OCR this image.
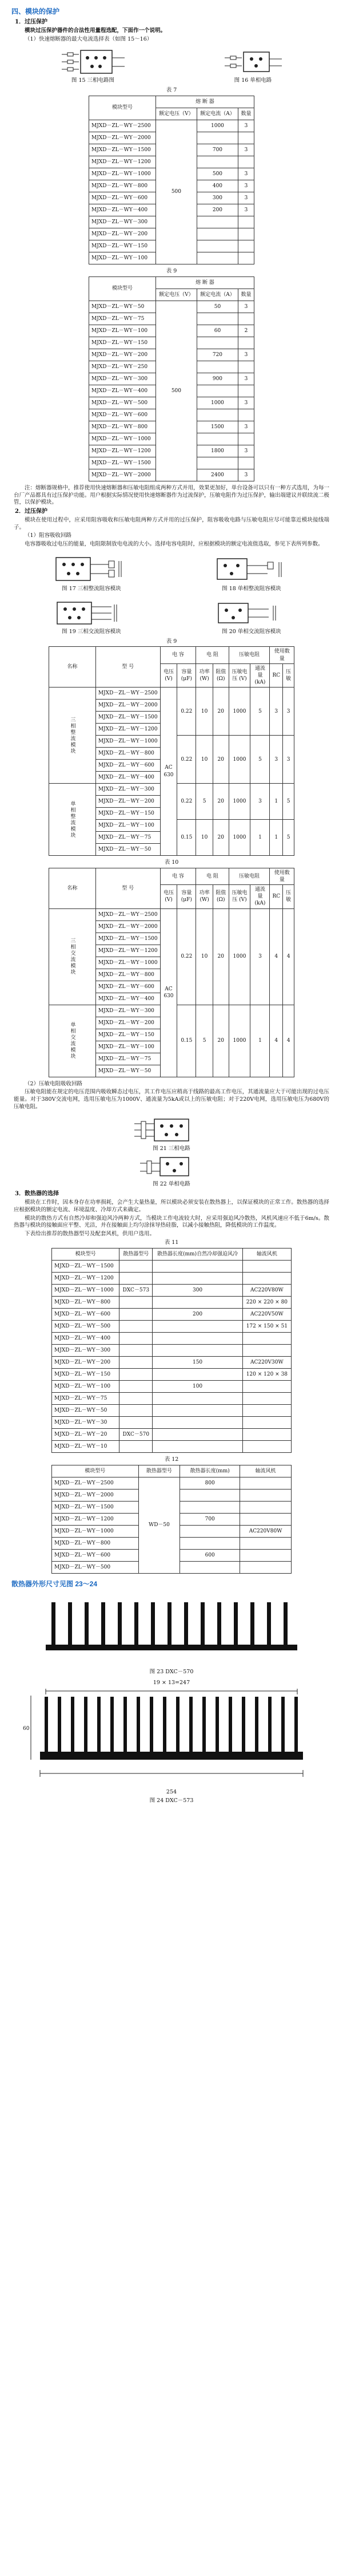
四、模块的保护
1．过压保护
模块过压保护器件的合法性用量程选配，下面作一个说明。
（1）快速熔断器的最大电流选择表（如图 15～16）
图 15 三相电路图	图 16 单相电路
表 7
模块型号	熔 断 器		
	额定电压（V）	额定电流（A）	数量
MJXD－ZL－WY－2500	500	1000	3
MJXD－ZL－WY－2000			
MJXD－ZL－WY－1500		700	3
MJXD－ZL－WY－1200			
MJXD－ZL－WY－1000		500	3
MJXD－ZL－WY－800		400	3
MJXD－ZL－WY－600		300	3
MJXD－ZL－WY－400		200	3
MJXD－ZL－WY－300			
MJXD－ZL－WY－200			
MJXD－ZL－WY－150			
MJXD－ZL－WY－100			
表 9
模块型号	熔 断 器		
	额定电压（V）	额定电流（A）	数量
MJXD－ZL－WY－50	500	50	3
MJXD－ZL－WY－75			
MJXD－ZL－WY－100		60	2
MJXD－ZL－WY－150			
MJXD－ZL－WY－200		720	3
MJXD－ZL－WY－250			
MJXD－ZL－WY－300		900	3
MJXD－ZL－WY－400			
MJXD－ZL－WY－500		1000	3
MJXD－ZL－WY－600			
MJXD－ZL－WY－800		1500	3
MJXD－ZL－WY－1000			
MJXD－ZL－WY－1200		1800	3
MJXD－ZL－WY－1500			
MJXD－ZL－WY－2000		2400	3
注：熔断器规格中，推荐使用快速熔断器和压敏电阻组成两种方式并用，效果更加好，单台设备可以只有一种方式选用，为每一台厂产品都具有过压保护功能。用户根据实际情况使用快速熔断器作为过流保护，压敏电阻作为过压保护，输出端建议并联续流二极管，以保护模块。
2．过压保护
模块在使用过程中，应采用阻容吸收和压敏电阻两种方式并用的过压保护，阻容吸收电路与压敏电阻应尽可能靠近模块接线端子。
（1）阻容吸收回路
电容器吸收过电压的能量，电阻限制放电电流的大小。选择电容电阻时，应根据模块的额定电流值选取，参见下表所列参数。
图 17 三相整流阻容模块	图 18 单相整流阻容模块
图 19 三相交流阻容模块	图 20 单相交流阻容模块
表 9
名称	型 号	电 容		电 阻		压敏电阻		使用数量	
		电压 (V)	容量 (μF)	功率 (W)	阻值 (Ω)	压敏电压 (V)	通流量 (kA)	RC	压敏
三相整流模块	MJXD－ZL－WY－2500	AC 630	0.22	10	20	1000	5	3	3
	MJXD－ZL－WY－2000								
	MJXD－ZL－WY－1500								
	MJXD－ZL－WY－1200								
	MJXD－ZL－WY－1000		0.22	10	20	1000	5	3	3
	MJXD－ZL－WY－800								
	MJXD－ZL－WY－600								
	MJXD－ZL－WY－400								
单相整流模块	MJXD－ZL－WY－300		0.22	5	20	1000	3	1	5
	MJXD－ZL－WY－200								
	MJXD－ZL－WY－150								
	MJXD－ZL－WY－100		0.15	10	20	1000	1	1	5
	MJXD－ZL－WY－75								
	MJXD－ZL－WY－50								
表 10
名称	型 号	电 容		电 阻		压敏电阻		使用数量	
		电压 (V)	容量 (μF)	功率 (W)	阻值 (Ω)	压敏电压 (V)	通流量 (kA)	RC	压敏
三相交流模块	MJXD－ZL－WY－2500	AC 630	0.22	10	20	1000	3	4	4
	MJXD－ZL－WY－2000								
	MJXD－ZL－WY－1500								
	MJXD－ZL－WY－1200								
	MJXD－ZL－WY－1000								
	MJXD－ZL－WY－800								
	MJXD－ZL－WY－600								
	MJXD－ZL－WY－400								
单相交流模块	MJXD－ZL－WY－300		0.15	5	20	1000	1	4	4
	MJXD－ZL－WY－200								
	MJXD－ZL－WY－150								
	MJXD－ZL－WY－100								
	MJXD－ZL－WY－75								
	MJXD－ZL－WY－50								
（2）压敏电阻吸收回路
压敏电阻能在规定的电压范围内吸收瞬态过电压，其工作电压应稍高于线路的最高工作电压，其通流量应大于可能出现的过电压能量。对于380V交流电网，选用压敏电压为1000V、通流量为5kA或以上的压敏电阻；对于220V电网，选用压敏电压为680V的压敏电阻。
图 21 三相电路
图 22 单相电路
3．散热器的选择
模块在工作时，因本身存在功率损耗，会产生大量热量，所以模块必须安装在散热器上，以保证模块的正常工作。散热器的选择应根据模块的额定电流、环境温度、冷却方式来确定。
模块的散热方式有自然冷却和强迫风冷两种方式，当模块工作电流较大时，应采用强迫风冷散热，风机风速应不低于6m/s。散热器与模块的接触面应平整、光洁，并在接触面上均匀涂抹导热硅脂，以减小接触热阻，降低模块的工作温度。
下表给出推荐的散热器型号及配套风机，供用户选用。
表 11
模块型号	散热器型号	散热器长度(mm)自然冷却强迫风冷	轴流风机
MJXD－ZL－WY－1500			
MJXD－ZL－WY－1200			
MJXD－ZL－WY－1000	DXC－573	300	AC220V80W
MJXD－ZL－WY－800			220 × 220 × 80

MJXD－ZL－WY－600		200	AC220V50W
MJXD－ZL－WY－500			172 × 150 × 51

MJXD－ZL－WY－400			
MJXD－ZL－WY－300			
MJXD－ZL－WY－200		150	AC220V30W
MJXD－ZL－WY－150			120 × 120 × 38

MJXD－ZL－WY－100		100	
MJXD－ZL－WY－75			
MJXD－ZL－WY－50			
MJXD－ZL－WY－30			
MJXD－ZL－WY－20	DXC－570		
MJXD－ZL－WY－10			
表 12
模块型号	散热器型号	散热器长度(mm)	轴流风机
MJXD－ZL－WY－2500	WD－50	800	
MJXD－ZL－WY－2000			
MJXD－ZL－WY－1500			
MJXD－ZL－WY－1200		700	
MJXD－ZL－WY－1000			AC220V80W
MJXD－ZL－WY－800			
MJXD－ZL－WY－600		600	
MJXD－ZL－WY－500			
散热器外形尺寸见图 23～24
图 23 DXC－570
19 × 13=247
60
254
图 24 DXC－573
